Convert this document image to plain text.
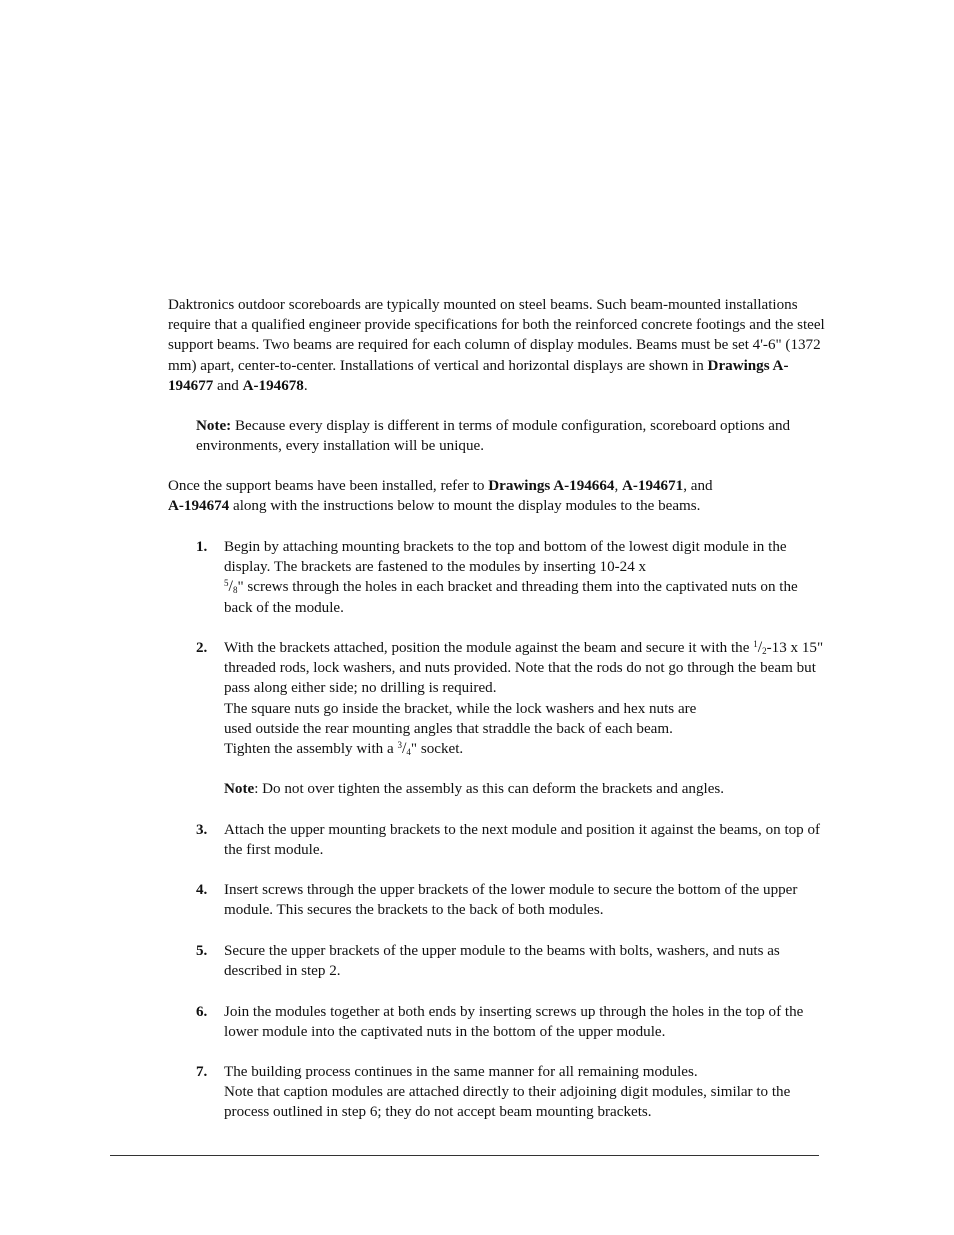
Daktronics outdoor scoreboards are typically mounted on steel beams. Such beam-mounted installations require that a qualified engineer provide specifications for both the reinforced concrete footings and the steel support beams. Two beams are required for each column of display modules. Beams must be set 4'-6" (1372 mm) apart, center-to-center. Installations of vertical and horizontal displays are shown in Drawings A-194677 and A-194678.

Note: Because every display is different in terms of module configuration, scoreboard options and environments, every installation will be unique.

Once the support beams have been installed, refer to Drawings A-194664, A-194671, and
A-194674 along with the instructions below to mount the display modules to the beams.

1. Begin by attaching mounting brackets to the top and bottom of the lowest digit module in the display. The brackets are fastened to the modules by inserting 10-24 x
$^5/_8$" screws through the holes in each bracket and threading them into the captivated nuts on the back of the module.
2. With the brackets attached, position the module against the beam and secure it with the $^1/_2-13$ x 15" threaded rods, lock washers, and nuts provided. Note that the rods do not go through the beam but pass along either side; no drilling is required.
The square nuts go inside the bracket, while the lock washers and hex nuts are
used outside the rear mounting angles that straddle the back of each beam.
Tighten the assembly with a $^3/_4$" socket.

Note: Do not over tighten the assembly as this can deform the brackets and angles.

3. Attach the upper mounting brackets to the next module and position it against the beams, on top of the first module.
4. Insert screws through the upper brackets of the lower module to secure the bottom of the upper module. This secures the brackets to the back of both modules.
5. Secure the upper brackets of the upper module to the beams with bolts, washers, and nuts as described in step 2.
6. Join the modules together at both ends by inserting screws up through the holes in the top of the lower module into the captivated nuts in the bottom of the upper module.
7. The building process continues in the same manner for all remaining modules.
Note that caption modules are attached directly to their adjoining digit modules, similar to the process outlined in step 6; they do not accept beam mounting brackets.
